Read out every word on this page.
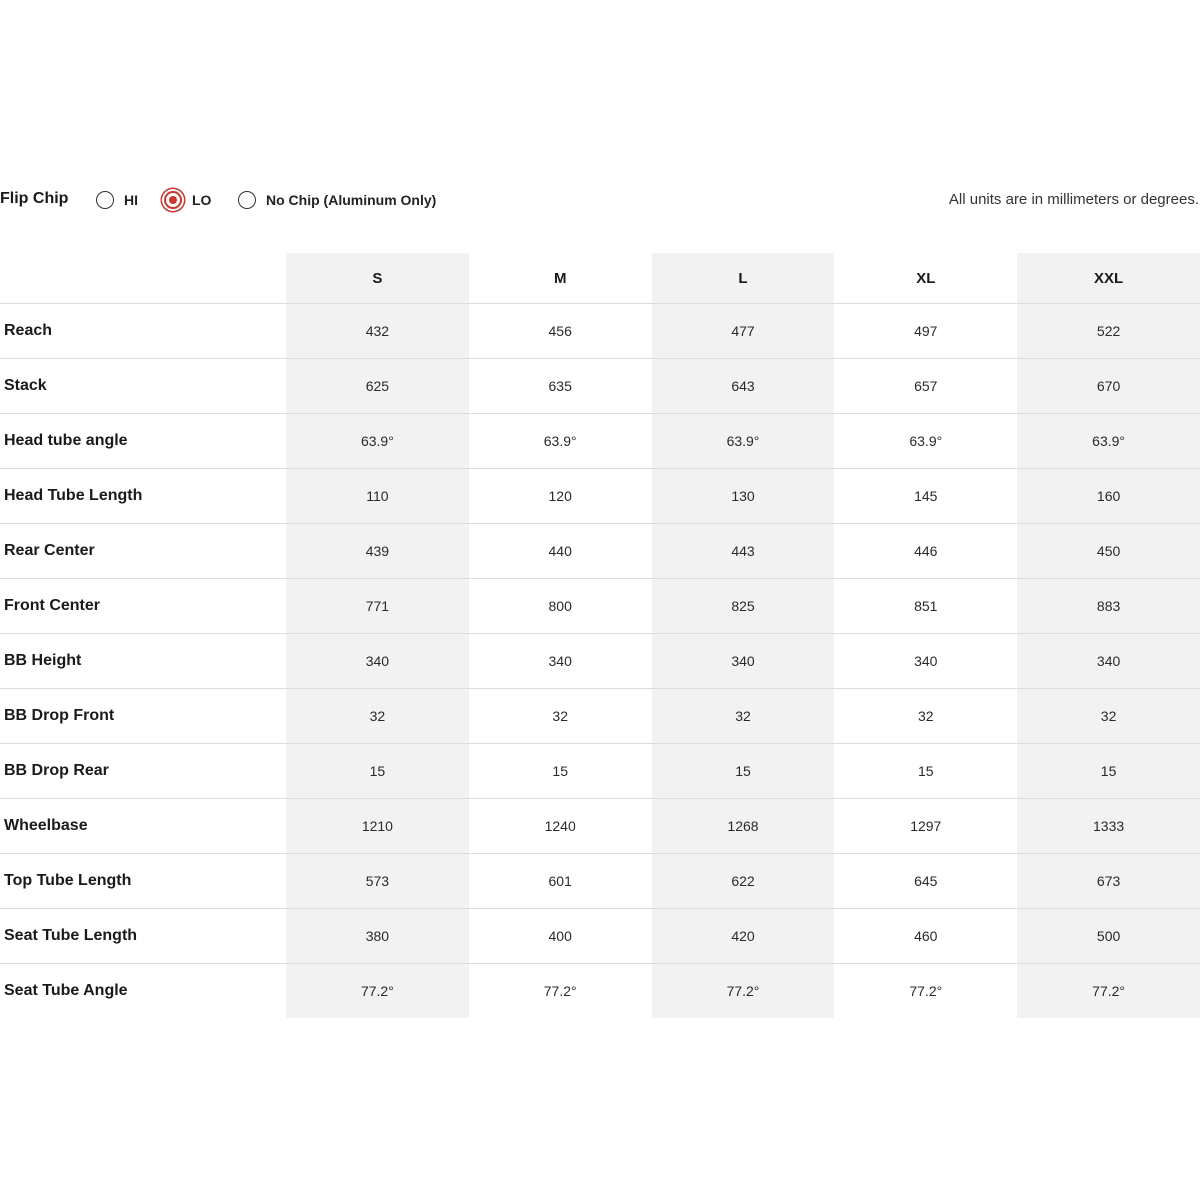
Flip Chip	HI	LO	No Chip (Aluminum Only)	All units are in millimeters or degrees.
	S	M	L	XL	XXL
Reach	432	456	477	497	522
Stack	625	635	643	657	670
Head tube angle	63.9°	63.9°	63.9°	63.9°	63.9°
Head Tube Length	110	120	130	145	160
Rear Center	439	440	443	446	450
Front Center	771	800	825	851	883
BB Height	340	340	340	340	340
BB Drop Front	32	32	32	32	32
BB Drop Rear	15	15	15	15	15
Wheelbase	1210	1240	1268	1297	1333
Top Tube Length	573	601	622	645	673
Seat Tube Length	380	400	420	460	500
Seat Tube Angle	77.2°	77.2°	77.2°	77.2°	77.2°
